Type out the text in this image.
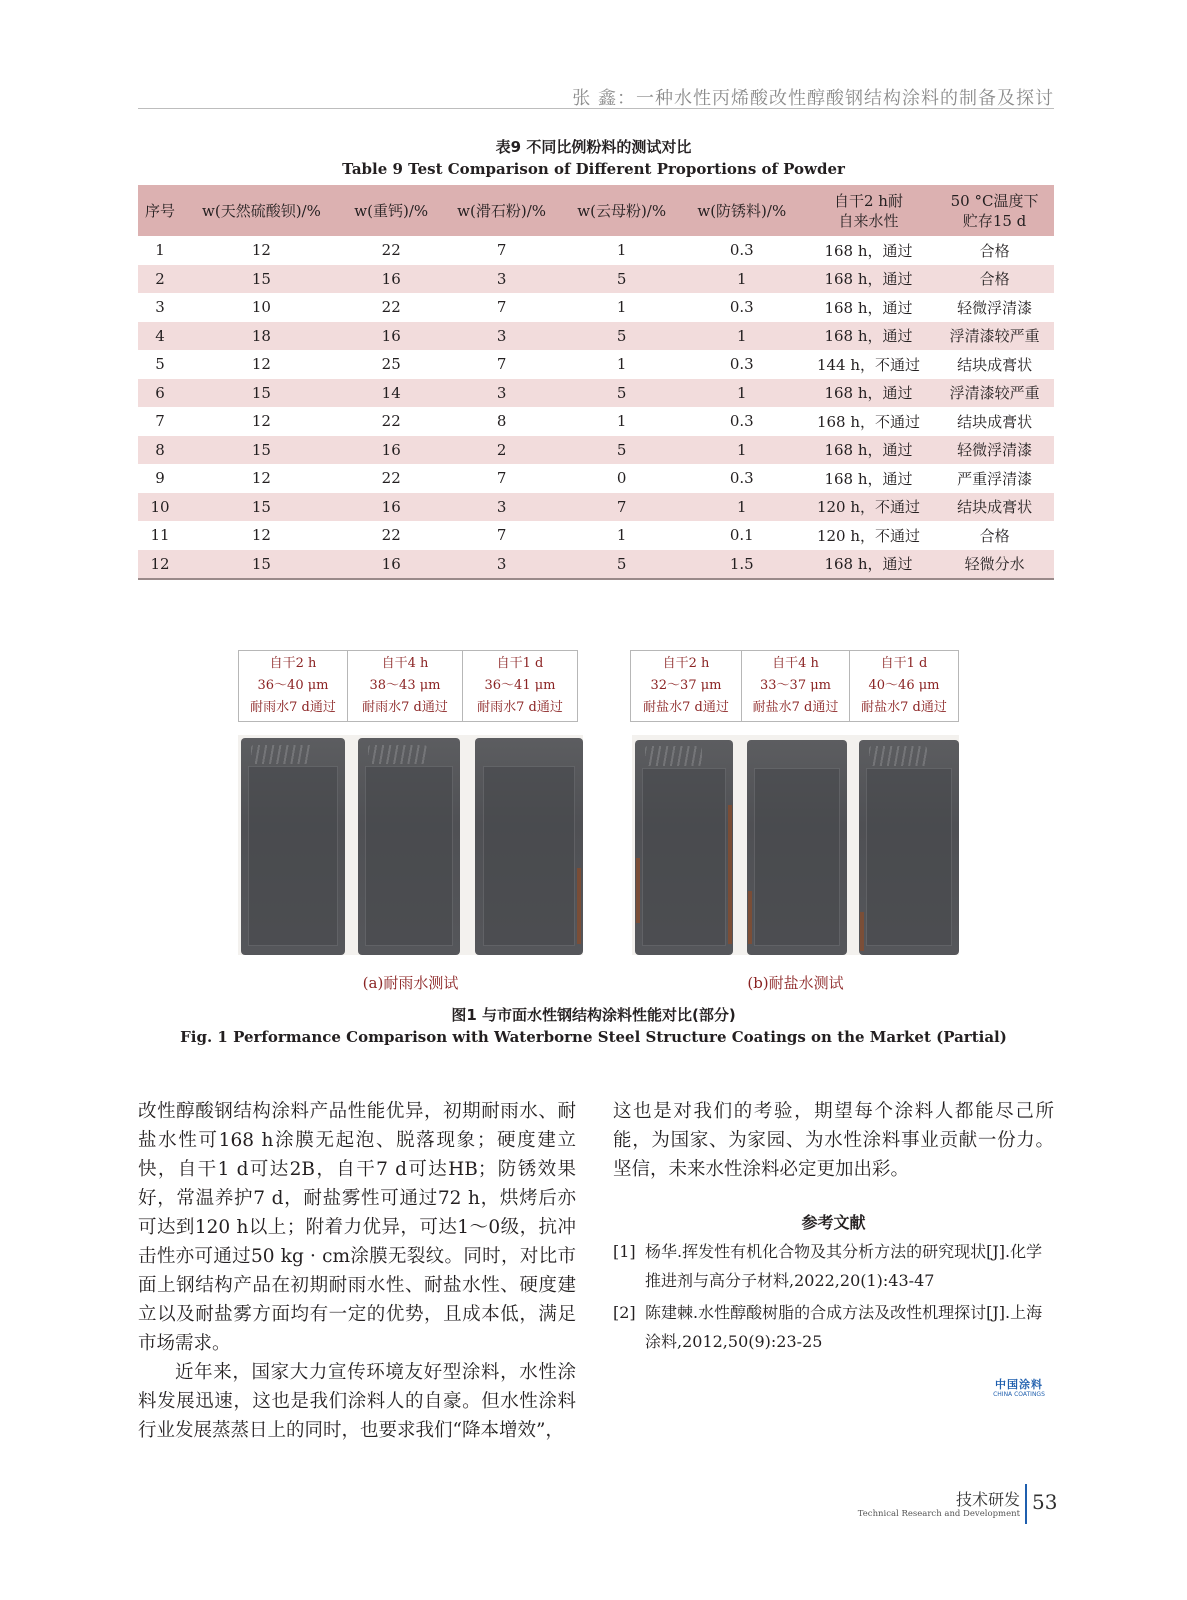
张 鑫：一种水性丙烯酸改性醇酸钢结构涂料的制备及探讨
表9 不同比例粉料的测试对比
Table 9 Test Comparison of Different Proportions of Powder
序号	w(天然硫酸钡)/%	w(重钙)/%	w(滑石粉)/%	w(云母粉)/%	w(防锈料)/%	自干2 h耐
自来水性	50 °C温度下
贮存15 d
1	12	22	7	1	0.3	168 h，通过	合格
2	15	16	3	5	1	168 h，通过	合格
3	10	22	7	1	0.3	168 h，通过	轻微浮清漆
4	18	16	3	5	1	168 h，通过	浮清漆较严重
5	12	25	7	1	0.3	144 h，不通过	结块成膏状
6	15	14	3	5	1	168 h，通过	浮清漆较严重
7	12	22	8	1	0.3	168 h，不通过	结块成膏状
8	15	16	2	5	1	168 h，通过	轻微浮清漆
9	12	22	7	0	0.3	168 h，通过	严重浮清漆
10	15	16	3	7	1	120 h，不通过	结块成膏状
11	12	22	7	1	0.1	120 h，不通过	合格
12	15	16	3	5	1.5	168 h，通过	轻微分水
自干2 h
36～40 μm
耐雨水7 d通过
自干4 h
38～43 μm
耐雨水7 d通过
自干1 d
36～41 μm
耐雨水7 d通过
自干2 h
32～37 μm
耐盐水7 d通过
自干4 h
33～37 μm
耐盐水7 d通过
自干1 d
40～46 μm
耐盐水7 d通过
(a)耐雨水测试	(b)耐盐水测试
图1 与市面水性钢结构涂料性能对比(部分)
Fig. 1 Performance Comparison with Waterborne Steel Structure Coatings on the Market (Partial)

改性醇酸钢结构涂料产品性能优异，初期耐雨水、耐盐水性可168 h涂膜无起泡、脱落现象；硬度建立快，自干1 d可达2B，自干7 d可达HB；防锈效果好，常温养护7 d，耐盐雾性可通过72 h，烘烤后亦可达到120 h以上；附着力优异，可达1～0级，抗冲击性亦可通过50 kg · cm涂膜无裂纹。同时，对比市面上钢结构产品在初期耐雨水性、耐盐水性、硬度建立以及耐盐雾方面均有一定的优势，且成本低，满足市场需求。

近年来，国家大力宣传环境友好型涂料，水性涂料发展迅速，这也是我们涂料人的自豪。但水性涂料行业发展蒸蒸日上的同时，也要求我们“降本增效”，

这也是对我们的考验，期望每个涂料人都能尽己所能，为国家、为家园、为水性涂料事业贡献一份力。坚信，未来水性涂料必定更加出彩。

参考文献
[1] 杨华.挥发性有机化合物及其分析方法的研究现状[J].化学推进剂与高分子材料,2022,20(1):43-47
[2] 陈建棘.水性醇酸树脂的合成方法及改性机理探讨[J].上海涂料,2012,50(9):23-25
中国涂料
CHINA COATINGS
技术研发
Technical Research and Development 53
